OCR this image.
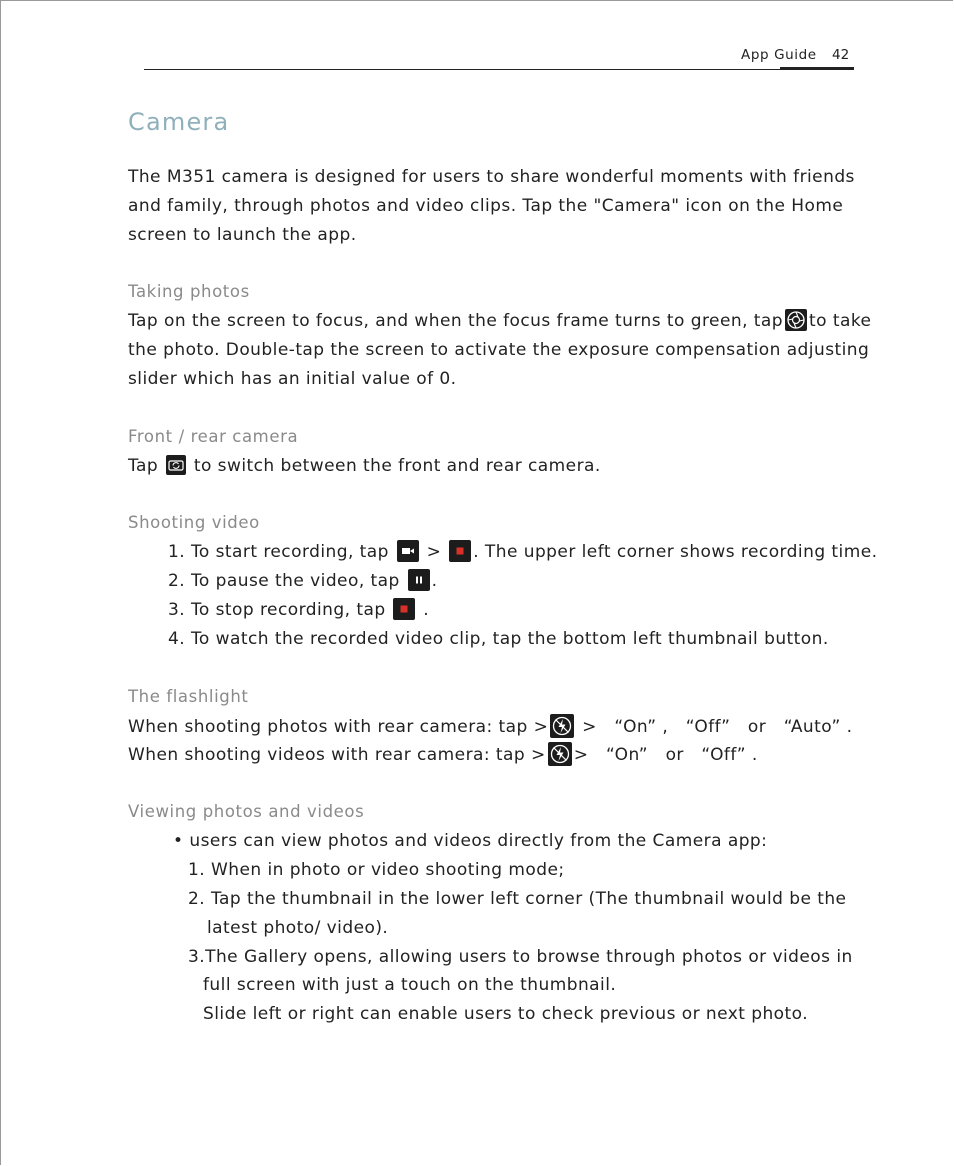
App Guide 42
Camera
The M351 camera is designed for users to share wonderful moments with friends
and family, through photos and video clips. Tap the "Camera" icon on the Home
screen to launch the app.
Taking photos
Tap on the screen to focus, and when the focus frame turns to green, tap to take
the photo. Double-tap the screen to activate the exposure compensation adjusting
slider which has an initial value of 0.
Front / rear camera
Tap to switch between the front and rear camera.
Shooting video
1. To start recording, tap > . The upper left corner shows recording time.
2. To pause the video, tap .
3. To stop recording, tap .
4. To watch the recorded video clip, tap the bottom left thumbnail button.
The flashlight
When shooting photos with rear camera: tap > >   “On” ,   “Off”   or   “Auto” .
When shooting videos with rear camera: tap > >   “On”   or   “Off” .
Viewing photos and videos
• users can view photos and videos directly from the Camera app:
1. When in photo or video shooting mode;
2. Tap the thumbnail in the lower left corner (The thumbnail would be the
latest photo/ video).
3.The Gallery opens, allowing users to browse through photos or videos in
full screen with just a touch on the thumbnail.
Slide left or right can enable users to check previous or next photo.
